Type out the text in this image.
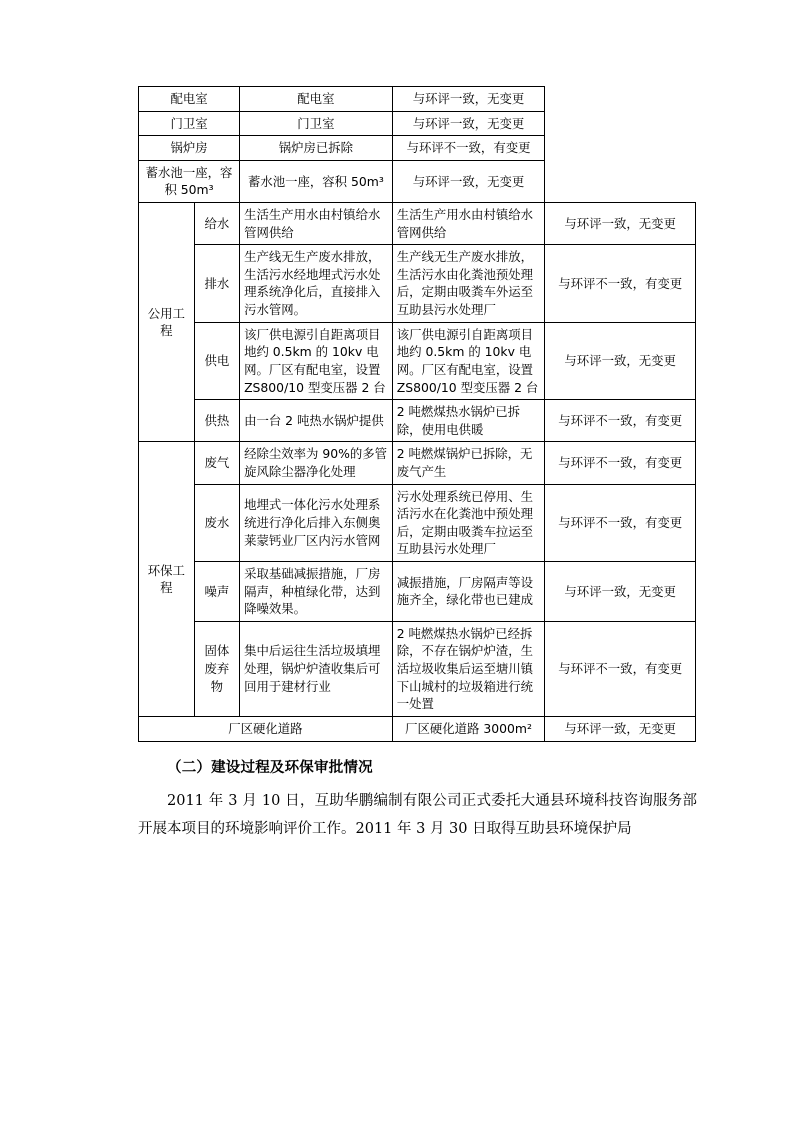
配电室		配电室	与环评一致，无变更	
门卫室		门卫室	与环评一致，无变更	
锅炉房		锅炉房已拆除	与环评不一致，有变更	
蓄水池一座，容积 50m³		蓄水池一座，容积 50m³	与环评一致，无变更	
公用工程	给水	生活生产用水由村镇给水管网供给	生活生产用水由村镇给水管网供给	与环评一致，无变更
	排水	生产线无生产废水排放，生活污水经地埋式污水处理系统净化后，直接排入污水管网。	生产线无生产废水排放，生活污水由化粪池预处理后，定期由吸粪车外运至互助县污水处理厂	与环评不一致，有变更
	供电	该厂供电源引自距离项目地约 0.5km 的 10kv 电网。厂区有配电室，设置 ZS800/10 型变压器 2 台	该厂供电源引自距离项目地约 0.5km 的 10kv 电网。厂区有配电室，设置 ZS800/10 型变压器 2 台	与环评一致，无变更
	供热	由一台 2 吨热水锅炉提供	2 吨燃煤热水锅炉已拆除，使用电供暖	与环评不一致，有变更
环保工程	废气	经除尘效率为 90%的多管旋风除尘器净化处理	2 吨燃煤锅炉已拆除，无废气产生	与环评不一致，有变更
	废水	地埋式一体化污水处理系统进行净化后排入东侧奥莱蒙钙业厂区内污水管网	污水处理系统已停用、生活污水在化粪池中预处理后，定期由吸粪车拉运至互助县污水处理厂	与环评不一致，有变更
	噪声	采取基础减振措施，厂房隔声，种植绿化带，达到降噪效果。	减振措施，厂房隔声等设施齐全，绿化带也已建成	与环评一致，无变更
	固体废弃物	集中后运往生活垃圾填埋处理，锅炉炉渣收集后可回用于建材行业	2 吨燃煤热水锅炉已经拆除，不存在锅炉炉渣，生活垃圾收集后运至塘川镇下山城村的垃圾箱进行统一处置	与环评不一致，有变更
厂区硬化道路			厂区硬化道路 3000m²	与环评一致，无变更
（二）建设过程及环保审批情况
2011 年 3 月 10 日，互助华鹏编制有限公司正式委托大通县环境科技咨询服务部开展本项目的环境影响评价工作。2011 年 3 月 30 日取得互助县环境保护局
